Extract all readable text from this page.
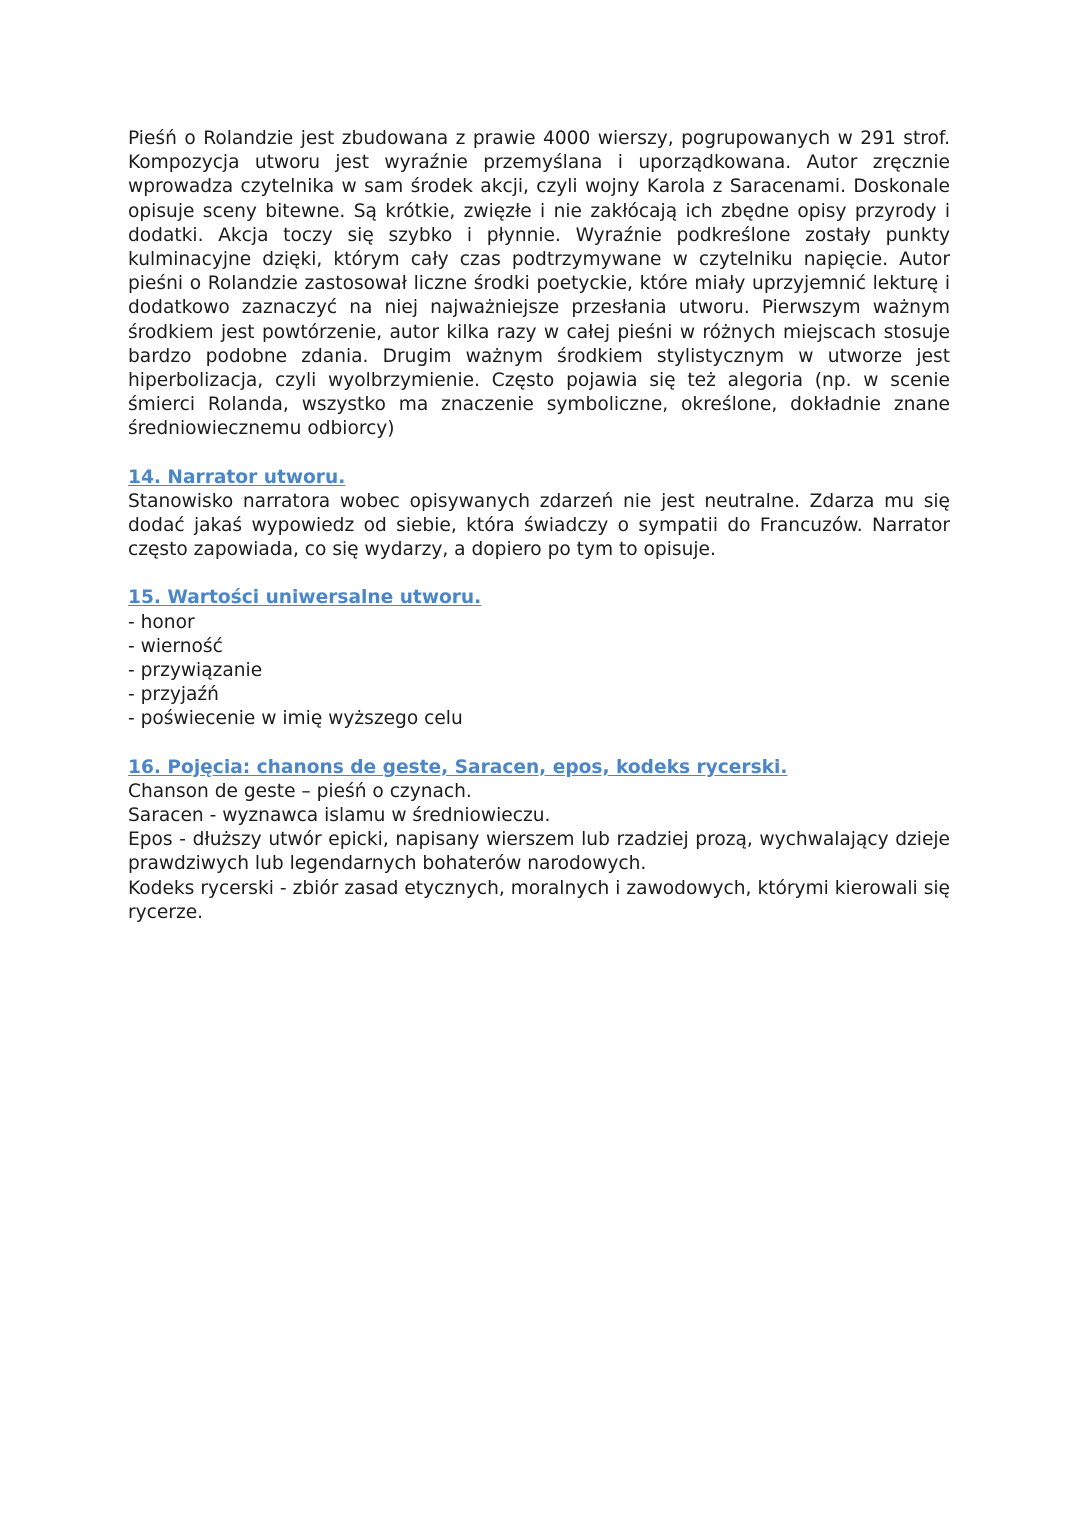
Pieśń o Rolandzie jest zbudowana z prawie 4000 wierszy, pogrupowanych w 291 strof. Kompozycja utworu jest wyraźnie przemyślana i uporządkowana. Autor zręcznie wprowadza czytelnika w sam środek akcji, czyli wojny Karola z Saracenami. Doskonale opisuje sceny bitewne. Są krótkie, zwięzłe i nie zakłócają ich zbędne opisy przyrody i dodatki. Akcja toczy się szybko i płynnie. Wyraźnie podkreślone zostały punkty kulminacyjne dzięki, którym cały czas podtrzymywane w czytelniku napięcie. Autor pieśni o Rolandzie zastosował liczne środki poetyckie, które miały uprzyjemnić lekturę i dodatkowo zaznaczyć na niej najważniejsze przesłania utworu. Pierwszym ważnym środkiem jest powtórzenie, autor kilka razy w całej pieśni w różnych miejscach stosuje bardzo podobne zdania. Drugim ważnym środkiem stylistycznym w utworze jest hiperbolizacja, czyli wyolbrzymienie. Często pojawia się też alegoria (np. w scenie śmierci Rolanda, wszystko ma znaczenie symboliczne, określone, dokładnie znane średniowiecznemu odbiorcy)

14. Narrator utworu.

Stanowisko narratora wobec opisywanych zdarzeń nie jest neutralne. Zdarza mu się dodać jakaś wypowiedz od siebie, która świadczy o sympatii do Francuzów. Narrator często zapowiada, co się wydarzy, a dopiero po tym to opisuje.

15. Wartości uniwersalne utworu.
- honor
- wierność
- przywiązanie
- przyjaźń
- poświecenie w imię wyższego celu
16. Pojęcia: chanons de geste, Saracen, epos, kodeks rycerski.

Chanson de geste – pieśń o czynach.

Saracen - wyznawca islamu w średniowieczu.

Epos - dłuższy utwór epicki, napisany wierszem lub rzadziej prozą, wychwalający dzieje prawdziwych lub legendarnych bohaterów narodowych.

Kodeks rycerski - zbiór zasad etycznych, moralnych i zawodowych, którymi kierowali się rycerze.
